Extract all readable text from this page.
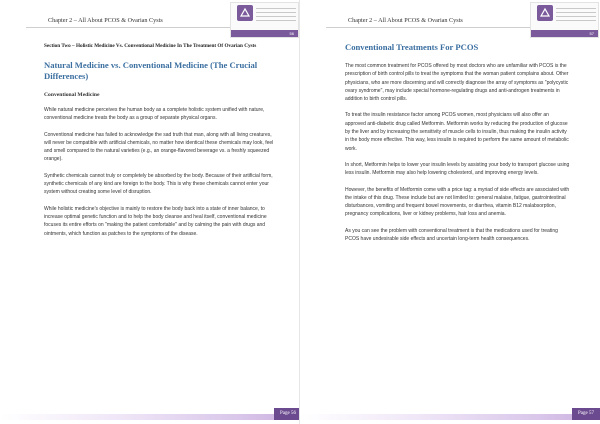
Chapter 2 – All About PCOS & Ovarian Cysts
56
Section Two – Holistic Medicine Vs. Conventional Medicine In The Treatment Of Ovarian Cysts
Natural Medicine vs. Conventional Medicine (The Crucial Differences)
Conventional Medicine

While natural medicine perceives the human body as a complete holistic system unified with nature, conventional medicine treats the body as a group of separate physical organs.

Conventional medicine has failed to acknowledge the sad truth that man, along with all living creatures, will never be compatible with artificial chemicals, no matter how identical these chemicals may look, feel and smell compared to the natural varieties (e.g., an orange-flavored beverage vs. a freshly squeezed orange).

Synthetic chemicals cannot truly or completely be absorbed by the body. Because of their artificial form, synthetic chemicals of any kind are foreign to the body. This is why these chemicals cannot enter your system without creating some level of disruption.

While holistic medicine's objective is mainly to restore the body back into a state of inner balance, to increase optimal genetic function and to help the body cleanse and heal itself, conventional medicine focuses its entire efforts on "making the patient comfortable" and by calming the pain with drugs and ointments, which function as patches to the symptoms of the disease.

Page 56
Chapter 2 – All About PCOS & Ovarian Cysts
57
Conventional Treatments For PCOS

The most common treatment for PCOS offered by most doctors who are unfamiliar with PCOS is the prescription of birth control pills to treat the symptoms that the woman patient complains about. Other physicians, who are more discerning and will correctly diagnose the array of symptoms as "polycystic ovary syndrome", may include special hormone-regulating drugs and anti-androgen treatments in addition to birth control pills.

To treat the insulin resistance factor among PCOS women, most physicians will also offer an approved anti-diabetic drug called Metformin. Metformin works by reducing the production of glucose by the liver and by increasing the sensitivity of muscle cells to insulin, thus making the insulin activity in the body more effective. This way, less insulin is required to perform the same amount of metabolic work.

In short, Metformin helps to lower your insulin levels by assisting your body to transport glucose using less insulin. Metformin may also help lowering cholesterol, and improving energy levels.

However, the benefits of Metformin come with a price tag: a myriad of side effects are associated with the intake of this drug. These include but are not limited to: general malaise, fatigue, gastrointestinal disturbances, vomiting and frequent bowel movements, or diarrhea, vitamin B12 malabsorption, pregnancy complications, liver or kidney problems, hair loss and anemia.

As you can see the problem with conventional treatment is that the medications used for treating PCOS have undesirable side effects and uncertain long-term health consequences.

Page 57
